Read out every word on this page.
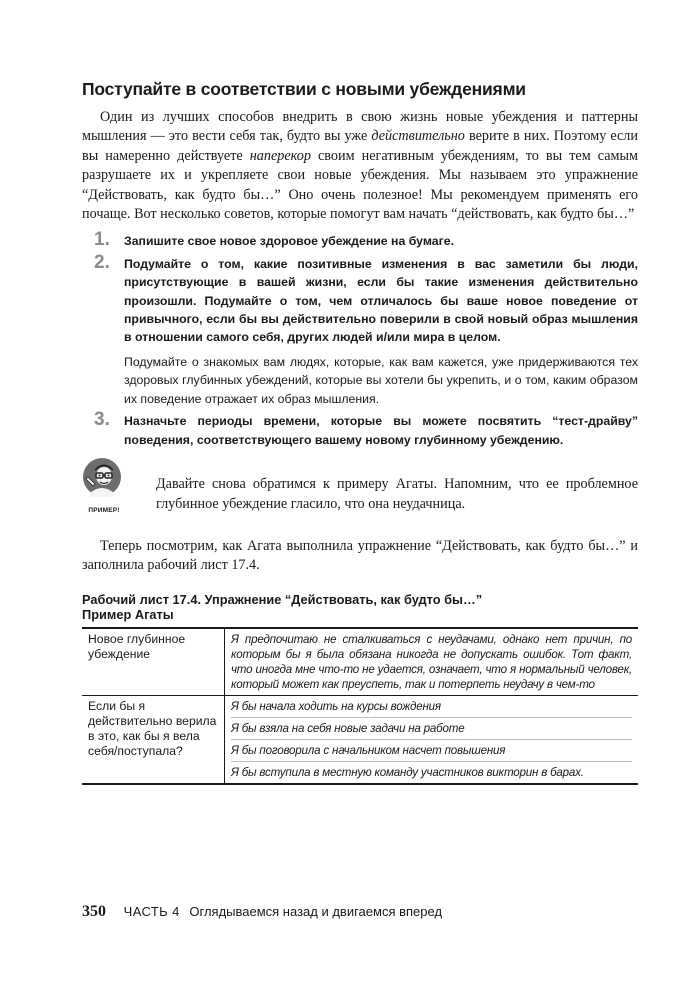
Поступайте в соответствии с новыми убеждениями

Один из лучших способов внедрить в свою жизнь новые убеждения и паттерны мышления — это вести себя так, будто вы уже действительно верите в них. Поэтому если вы намеренно действуете наперекор своим негативным убеждениям, то вы тем самым разрушаете их и укрепляете свои новые убеждения. Мы называем это упражнение “Действовать, как будто бы…” Оно очень полезное! Мы рекомендуем применять его почаще. Вот несколько советов, которые помогут вам начать “действовать, как будто бы…”

1. Запишите свое новое здоровое убеждение на бумаге.

2. Подумайте о том, какие позитивные изменения в вас заметили бы люди, присутствующие в вашей жизни, если бы такие изменения действительно произошли. Подумайте о том, чем отличалось бы ваше новое поведение от привычного, если бы вы действительно поверили в свой новый образ мышления в отношении самого себя, других людей и/или мира в целом.

Подумайте о знакомых вам людях, которые, как вам кажется, уже придерживаются тех здоровых глубинных убеждений, которые вы хотели бы укрепить, и о том, каким образом их поведение отражает их образ мышления.

3. Назначьте периоды времени, которые вы можете посвятить “тест-драйву” поведения, соответствующего вашему новому глубинному убеждению.

ПРИМЕР!

Давайте снова обратимся к примеру Агаты. Напомним, что ее проблемное глубинное убеждение гласило, что она неудачница.

Теперь посмотрим, как Агата выполнила упражнение “Действовать, как будто бы…” и заполнила рабочий лист 17.4.

Рабочий лист 17.4. Упражнение “Действовать, как будто бы…”
Пример Агаты
Новое глубинное убеждение	Я предпочитаю не сталкиваться с неудачами, однако нет причин, по которым бы я была обязана никогда не допускать ошибок. Тот факт, что иногда мне что-то не удается, означает, что я нормальный человек, который может как преуспеть, так и потерпеть неудачу в чем-то
Если бы я действительно верила в это, как бы я вела себя/поступала?	Я бы начала ходить на курсы вождения
Я бы взяла на себя новые задачи на работе
Я бы поговорила с начальником насчет повышения
Я бы вступила в местную команду участников викторин в барах.
350 ЧАСТЬ 4 Оглядываемся назад и двигаемся вперед
